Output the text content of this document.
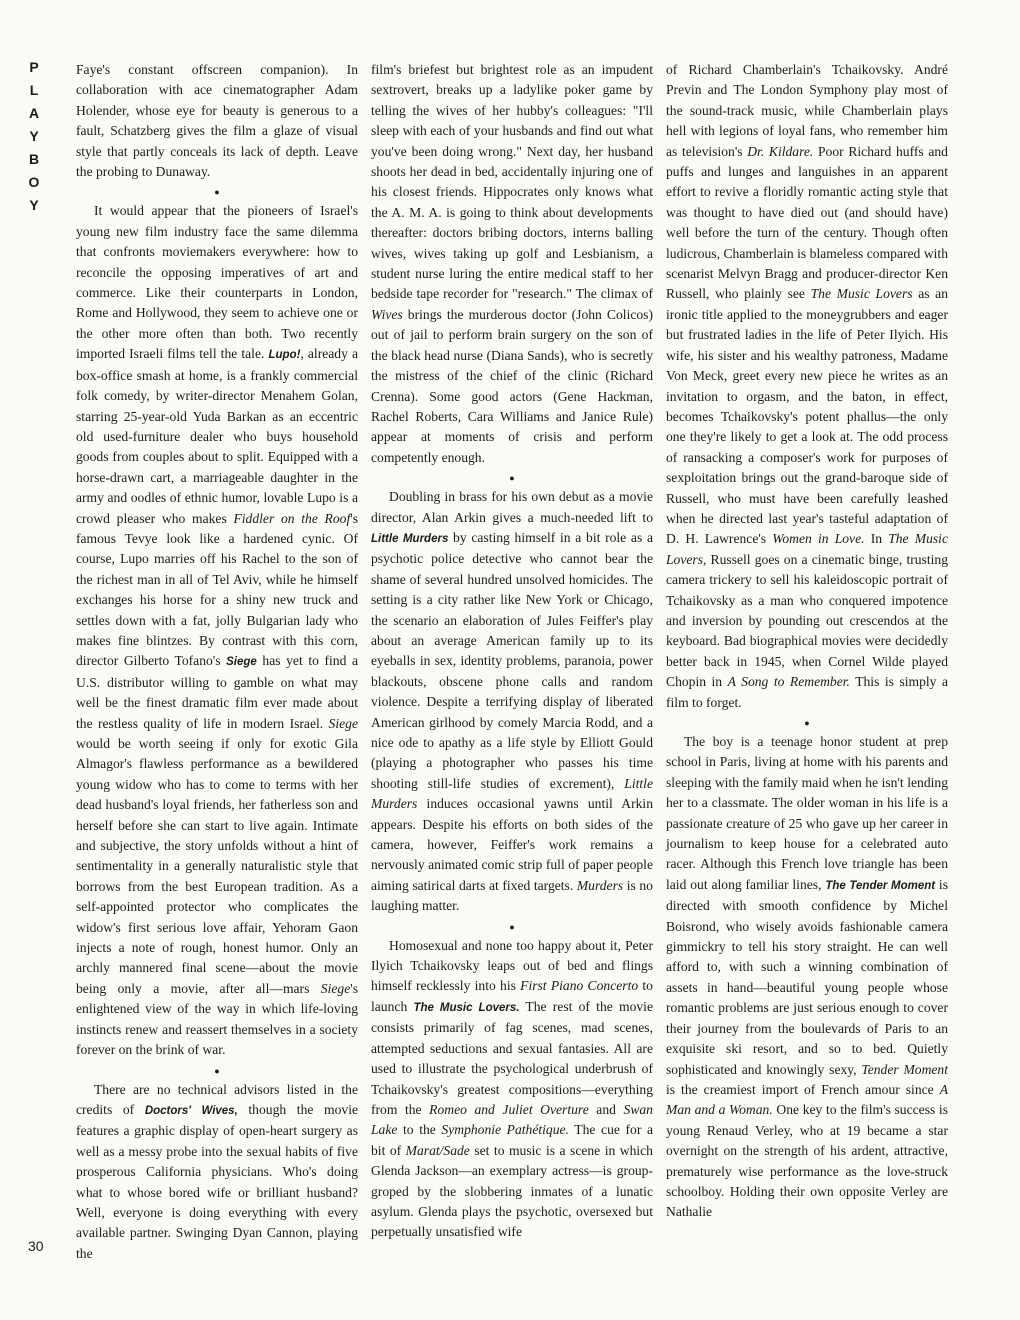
P
L
A
Y
B
O
Y
30

Faye's constant offscreen companion). In collaboration with ace cinematographer Adam Holender, whose eye for beauty is generous to a fault, Schatzberg gives the film a glaze of visual style that partly conceals its lack of depth. Leave the probing to Dunaway.

●

It would appear that the pioneers of Israel's young new film industry face the same dilemma that confronts moviemakers everywhere: how to reconcile the opposing imperatives of art and commerce. Like their counterparts in London, Rome and Hollywood, they seem to achieve one or the other more often than both. Two recently imported Israeli films tell the tale. Lupo!, already a box-office smash at home, is a frankly commercial folk comedy, by writer-director Menahem Golan, starring 25-year-old Yuda Barkan as an eccentric old used-furniture dealer who buys household goods from couples about to split. Equipped with a horse-drawn cart, a marriageable daughter in the army and oodles of ethnic humor, lovable Lupo is a crowd pleaser who makes Fiddler on the Roof's famous Tevye look like a hardened cynic. Of course, Lupo marries off his Rachel to the son of the richest man in all of Tel Aviv, while he himself exchanges his horse for a shiny new truck and settles down with a fat, jolly Bulgarian lady who makes fine blintzes. By contrast with this corn, director Gilberto Tofano's Siege has yet to find a U.S. distributor willing to gamble on what may well be the finest dramatic film ever made about the restless quality of life in modern Israel. Siege would be worth seeing if only for exotic Gila Almagor's flawless performance as a bewildered young widow who has to come to terms with her dead husband's loyal friends, her fatherless son and herself before she can start to live again. Intimate and subjective, the story unfolds without a hint of sentimentality in a generally naturalistic style that borrows from the best European tradition. As a self-appointed protector who complicates the widow's first serious love affair, Yehoram Gaon injects a note of rough, honest humor. Only an archly mannered final scene—about the movie being only a movie, after all—mars Siege's enlightened view of the way in which life-loving instincts renew and reassert themselves in a society forever on the brink of war.

●

There are no technical advisors listed in the credits of Doctors' Wives, though the movie features a graphic display of open-heart surgery as well as a messy probe into the sexual habits of five prosperous California physicians. Who's doing what to whose bored wife or brilliant husband? Well, everyone is doing everything with every available partner. Swinging Dyan Cannon, playing the

film's briefest but brightest role as an impudent sextrovert, breaks up a ladylike poker game by telling the wives of her hubby's colleagues: "I'll sleep with each of your husbands and find out what you've been doing wrong." Next day, her husband shoots her dead in bed, accidentally injuring one of his closest friends. Hippocrates only knows what the A. M. A. is going to think about developments thereafter: doctors bribing doctors, interns balling wives, wives taking up golf and Lesbianism, a student nurse luring the entire medical staff to her bedside tape recorder for "research." The climax of Wives brings the murderous doctor (John Colicos) out of jail to perform brain surgery on the son of the black head nurse (Diana Sands), who is secretly the mistress of the chief of the clinic (Richard Crenna). Some good actors (Gene Hackman, Rachel Roberts, Cara Williams and Janice Rule) appear at moments of crisis and perform competently enough.

●

Doubling in brass for his own debut as a movie director, Alan Arkin gives a much-needed lift to Little Murders by casting himself in a bit role as a psychotic police detective who cannot bear the shame of several hundred unsolved homicides. The setting is a city rather like New York or Chicago, the scenario an elaboration of Jules Feiffer's play about an average American family up to its eyeballs in sex, identity problems, paranoia, power blackouts, obscene phone calls and random violence. Despite a terrifying display of liberated American girlhood by comely Marcia Rodd, and a nice ode to apathy as a life style by Elliott Gould (playing a photographer who passes his time shooting still-life studies of excrement), Little Murders induces occasional yawns until Arkin appears. Despite his efforts on both sides of the camera, however, Feiffer's work remains a nervously animated comic strip full of paper people aiming satirical darts at fixed targets. Murders is no laughing matter.

●

Homosexual and none too happy about it, Peter Ilyich Tchaikovsky leaps out of bed and flings himself recklessly into his First Piano Concerto to launch The Music Lovers. The rest of the movie consists primarily of fag scenes, mad scenes, attempted seductions and sexual fantasies. All are used to illustrate the psychological underbrush of Tchaikovsky's greatest compositions—everything from the Romeo and Juliet Overture and Swan Lake to the Symphonie Pathétique. The cue for a bit of Marat/Sade set to music is a scene in which Glenda Jackson—an exemplary actress—is group-groped by the slobbering inmates of a lunatic asylum. Glenda plays the psychotic, oversexed but perpetually unsatisfied wife

of Richard Chamberlain's Tchaikovsky. André Previn and The London Symphony play most of the sound-track music, while Chamberlain plays hell with legions of loyal fans, who remember him as television's Dr. Kildare. Poor Richard huffs and puffs and lunges and languishes in an apparent effort to revive a floridly romantic acting style that was thought to have died out (and should have) well before the turn of the century. Though often ludicrous, Chamberlain is blameless compared with scenarist Melvyn Bragg and producer-director Ken Russell, who plainly see The Music Lovers as an ironic title applied to the moneygrubbers and eager but frustrated ladies in the life of Peter Ilyich. His wife, his sister and his wealthy patroness, Madame Von Meck, greet every new piece he writes as an invitation to orgasm, and the baton, in effect, becomes Tchaikovsky's potent phallus—the only one they're likely to get a look at. The odd process of ransacking a composer's work for purposes of sexploitation brings out the grand-baroque side of Russell, who must have been carefully leashed when he directed last year's tasteful adaptation of D. H. Lawrence's Women in Love. In The Music Lovers, Russell goes on a cinematic binge, trusting camera trickery to sell his kaleidoscopic portrait of Tchaikovsky as a man who conquered impotence and inversion by pounding out crescendos at the keyboard. Bad biographical movies were decidedly better back in 1945, when Cornel Wilde played Chopin in A Song to Remember. This is simply a film to forget.

●

The boy is a teenage honor student at prep school in Paris, living at home with his parents and sleeping with the family maid when he isn't lending her to a classmate. The older woman in his life is a passionate creature of 25 who gave up her career in journalism to keep house for a celebrated auto racer. Although this French love triangle has been laid out along familiar lines, The Tender Moment is directed with smooth confidence by Michel Boisrond, who wisely avoids fashionable camera gimmickry to tell his story straight. He can well afford to, with such a winning combination of assets in hand—beautiful young people whose romantic problems are just serious enough to cover their journey from the boulevards of Paris to an exquisite ski resort, and so to bed. Quietly sophisticated and knowingly sexy, Tender Moment is the creamiest import of French amour since A Man and a Woman. One key to the film's success is young Renaud Verley, who at 19 became a star overnight on the strength of his ardent, attractive, prematurely wise performance as the love-struck schoolboy. Holding their own opposite Verley are Nathalie
